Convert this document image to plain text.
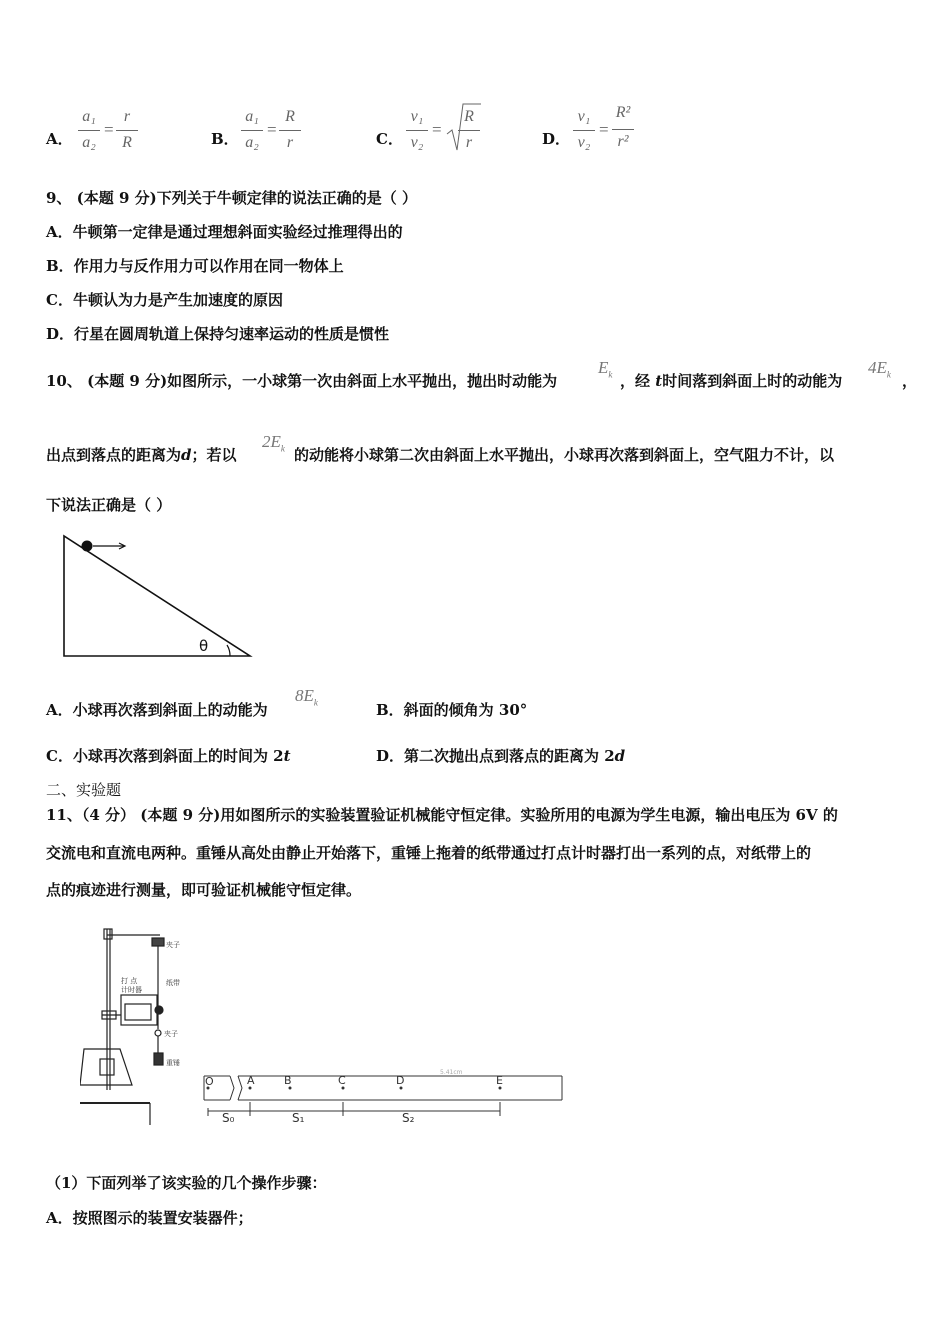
A．
a₁
a₂
=
r
R	B．
a₁
a₂
=
R
r	C．
v₁
v₂
=
R
r	D．
v₁
v₂
=
R²
r²
9、 (本题 9 分)下列关于牛顿定律的说法正确的是（ ）
A．牛顿第一定律是通过理想斜面实验经过推理得出的
B．作用力与反作用力可以作用在同一物体上
C．牛顿认为力是产生加速度的原因
D．行星在圆周轨道上保持匀速率运动的性质是惯性
10、 (本题 9 分)如图所示，一小球第一次由斜面上水平抛出，抛出时动能为
$E_k$ ，经 t时间落到斜面上时的动能为
$4E_k$ ，
出点到落点的距离为d；若以
$2E_k$ 的动能将小球第二次由斜面上水平抛出，小球再次落到斜面上，空气阻力不计，以
下说法正确是（ ）
θ
A．小球再次落到斜面上的动能为
$8E_k$	B．斜面的倾角为 30°
C．小球再次落到斜面上的时间为 2t	D．第二次抛出点到落点的距离为 2d
二、实验题
11、（4 分） (本题 9 分)用如图所示的实验装置验证机械能守恒定律。实验所用的电源为学生电源，输出电压为 6V 的
交流电和直流电两种。重锤从高处由静止开始落下，重锤上拖着的纸带通过打点计时器打出一系列的点，对纸带上的
点的痕迹进行测量，即可验证机械能守恒定律。
夹子
纸带
打 点
计时器
夹子
重锤
O	A	B	C	D	E
5.41cm
S₀	S₁	S₂
（1）下面列举了该实验的几个操作步骤：
A．按照图示的装置安装器件；
